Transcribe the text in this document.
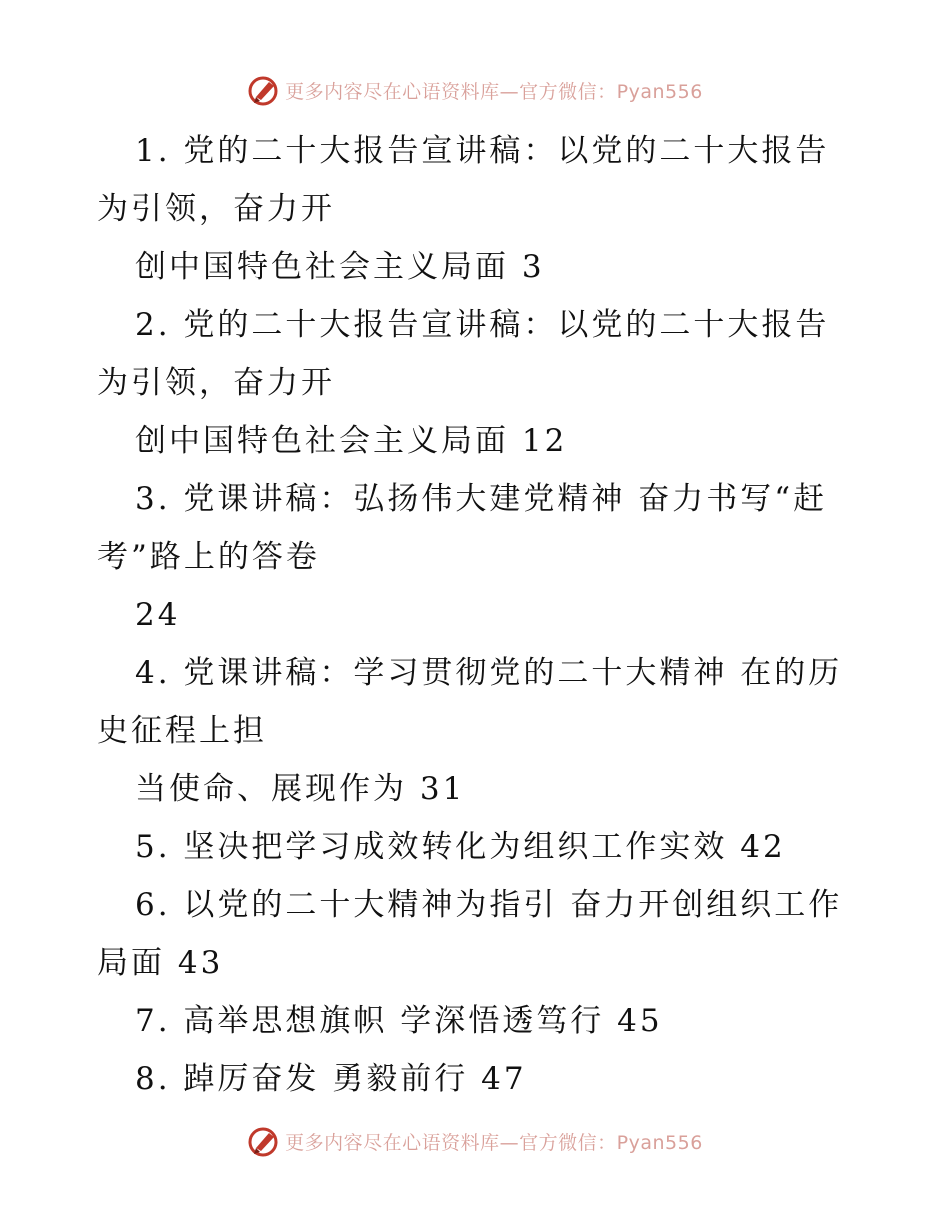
更多内容尽在心语资料库—官方微信：Pyan556
1. 党的二十大报告宣讲稿：以党的二十大报告
为引领，奋力开
创中国特色社会主义局面 3
2. 党的二十大报告宣讲稿：以党的二十大报告
为引领，奋力开
创中国特色社会主义局面 12
3. 党课讲稿：弘扬伟大建党精神 奋力书写“赶
考”路上的答卷
24
4. 党课讲稿：学习贯彻党的二十大精神 在的历
史征程上担
当使命、展现作为 31
5. 坚决把学习成效转化为组织工作实效 42
6. 以党的二十大精神为指引 奋力开创组织工作
局面 43
7. 高举思想旗帜 学深悟透笃行 45
8. 踔厉奋发 勇毅前行 47
更多内容尽在心语资料库—官方微信：Pyan556
